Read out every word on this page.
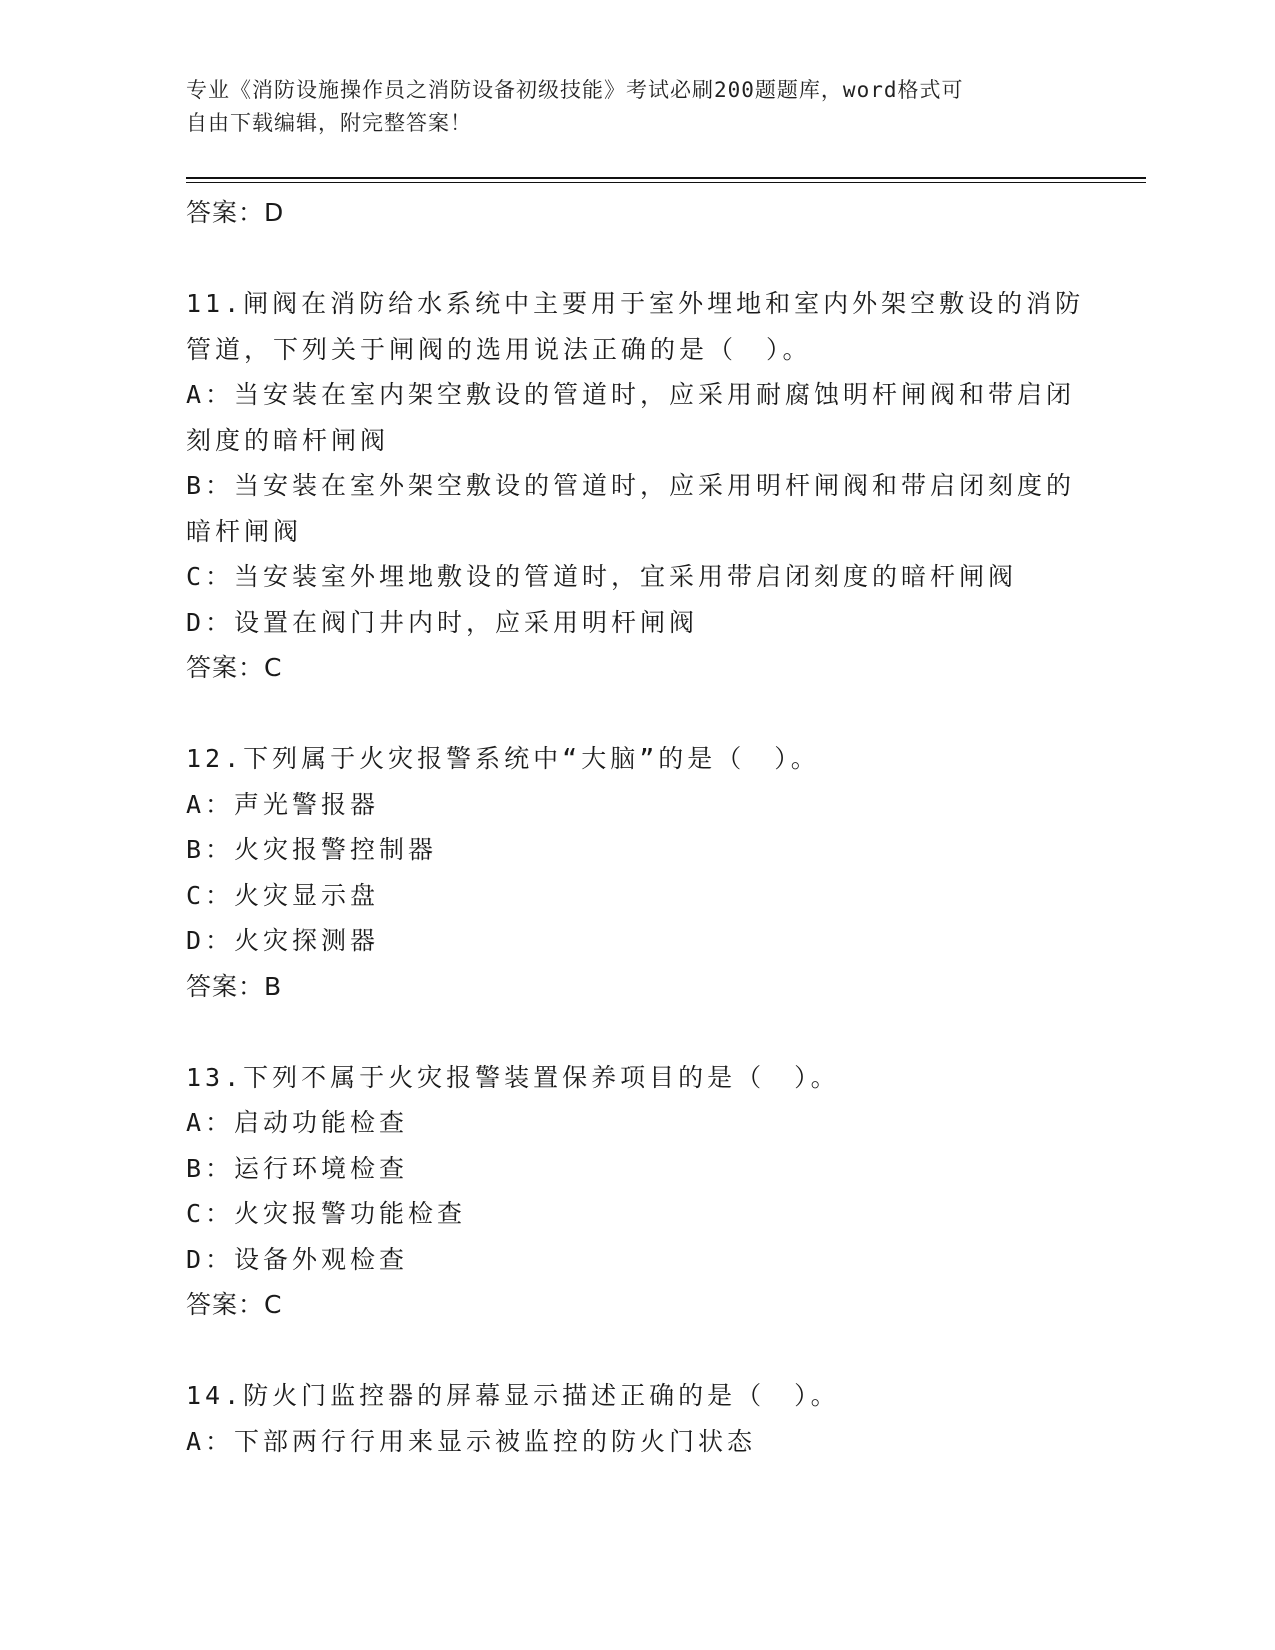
专业《消防设施操作员之消防设备初级技能》考试必刷200题题库，word格式可
自由下载编辑，附完整答案！
答案：D
11.闸阀在消防给水系统中主要用于室外埋地和室内外架空敷设的消防
管道，下列关于闸阀的选用说法正确的是（　）。
A：当安装在室内架空敷设的管道时，应采用耐腐蚀明杆闸阀和带启闭
刻度的暗杆闸阀
B：当安装在室外架空敷设的管道时，应采用明杆闸阀和带启闭刻度的
暗杆闸阀
C：当安装室外埋地敷设的管道时，宜采用带启闭刻度的暗杆闸阀
D：设置在阀门井内时，应采用明杆闸阀
答案：C
12.下列属于火灾报警系统中“大脑”的是（　）。
A：声光警报器
B：火灾报警控制器
C：火灾显示盘
D：火灾探测器
答案：B
13.下列不属于火灾报警装置保养项目的是（　）。
A：启动功能检查
B：运行环境检查
C：火灾报警功能检查
D：设备外观检查
答案：C
14.防火门监控器的屏幕显示描述正确的是（　）。
A：下部两行行用来显示被监控的防火门状态
